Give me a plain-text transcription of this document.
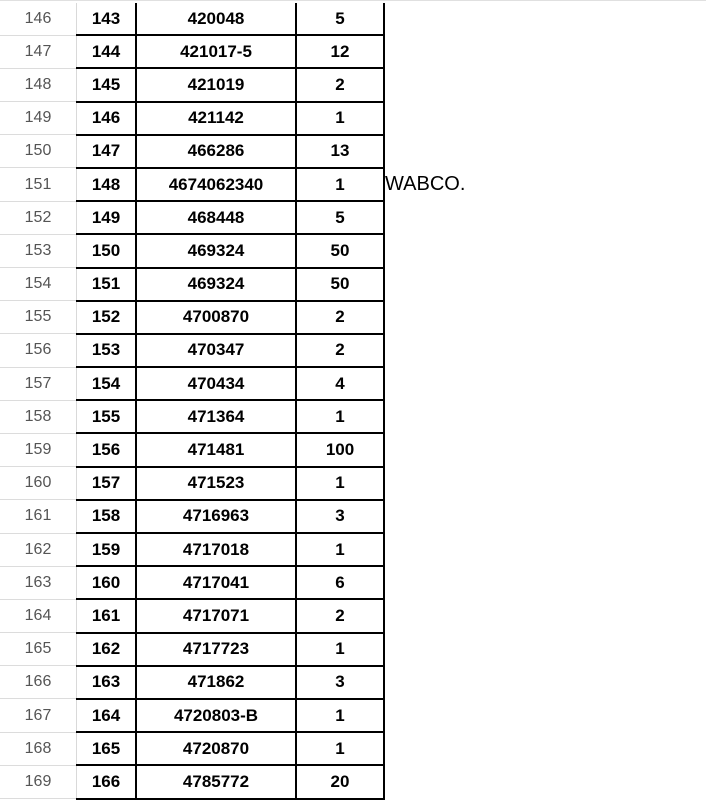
146	143	420048	5	
147	144	421017-5	12	
148	145	421019	2	
149	146	421142	1	
150	147	466286	13	
151	148	4674062340	1	WABCO.
152	149	468448	5	
153	150	469324	50	
154	151	469324	50	
155	152	4700870	2	
156	153	470347	2	
157	154	470434	4	
158	155	471364	1	
159	156	471481	100	
160	157	471523	1	
161	158	4716963	3	
162	159	4717018	1	
163	160	4717041	6	
164	161	4717071	2	
165	162	4717723	1	
166	163	471862	3	
167	164	4720803-B	1	
168	165	4720870	1	
169	166	4785772	20	
